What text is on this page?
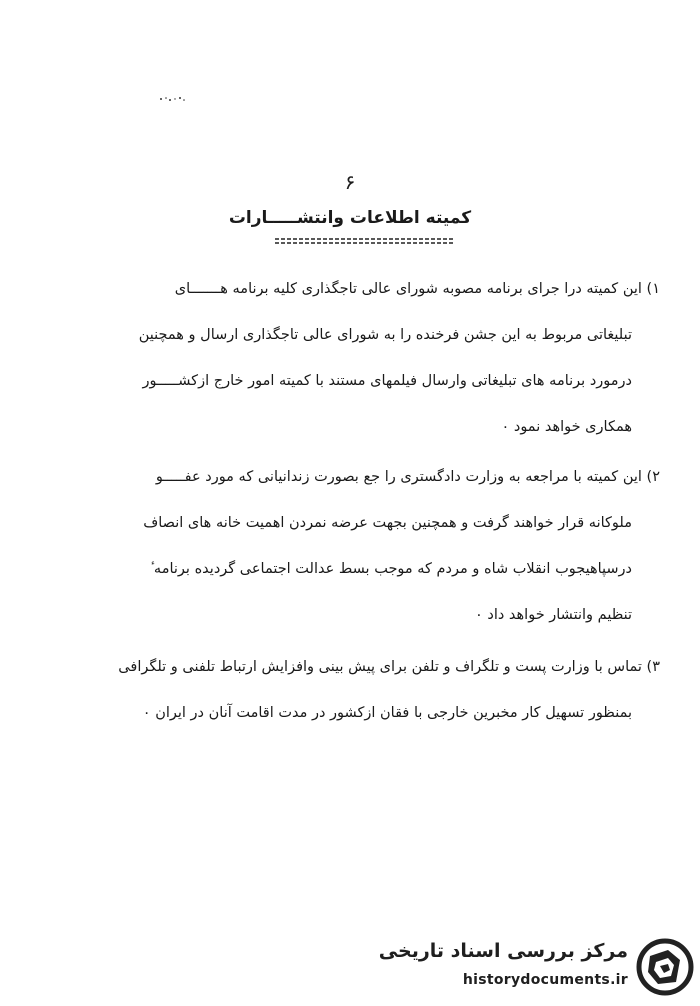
۶
کمیته اطلاعات وانتشـــــارات
۱) این کمیته درا جرای برنامه مصوبه شورای عالی تاجگذاری کلیه برنامه هـــــــای
تبلیغاتی مربوط به این جشن فرخنده را به شورای عالی تاجگذاری ارسال و همچنین
درمورد برنامه های تبلیغاتی وارسال فیلمهای مستند با کمیته امور خارج ازکشـــــور
همکاری خواهد نمود ٠
۲) این کمیته با مراجعه به وزارت دادگستری را جع بصورت زندانیانی که مورد عفـــــو
ملوکانه قرار خواهند گرفت و همچنین بجهت عرضه نمردن اهمیت خانه های انصاف
درسپاهیجوب انقلاب شاه و مردم که موجب بسط عدالت اجتماعی گردیده برنامه ٔ
تنظیم وانتشار خواهد داد ٠
۳) تماس با وزارت پست و تلگراف و تلفن برای پیش بینی وافزایش ارتباط تلفنی و تلگرافی
بمنظور تسهیل کار مخبرین خارجی با فقان ازکشور در مدت اقامت آنان در ایران ٠
مرکز بررسی اسناد تاریخی
historydocuments.ir
